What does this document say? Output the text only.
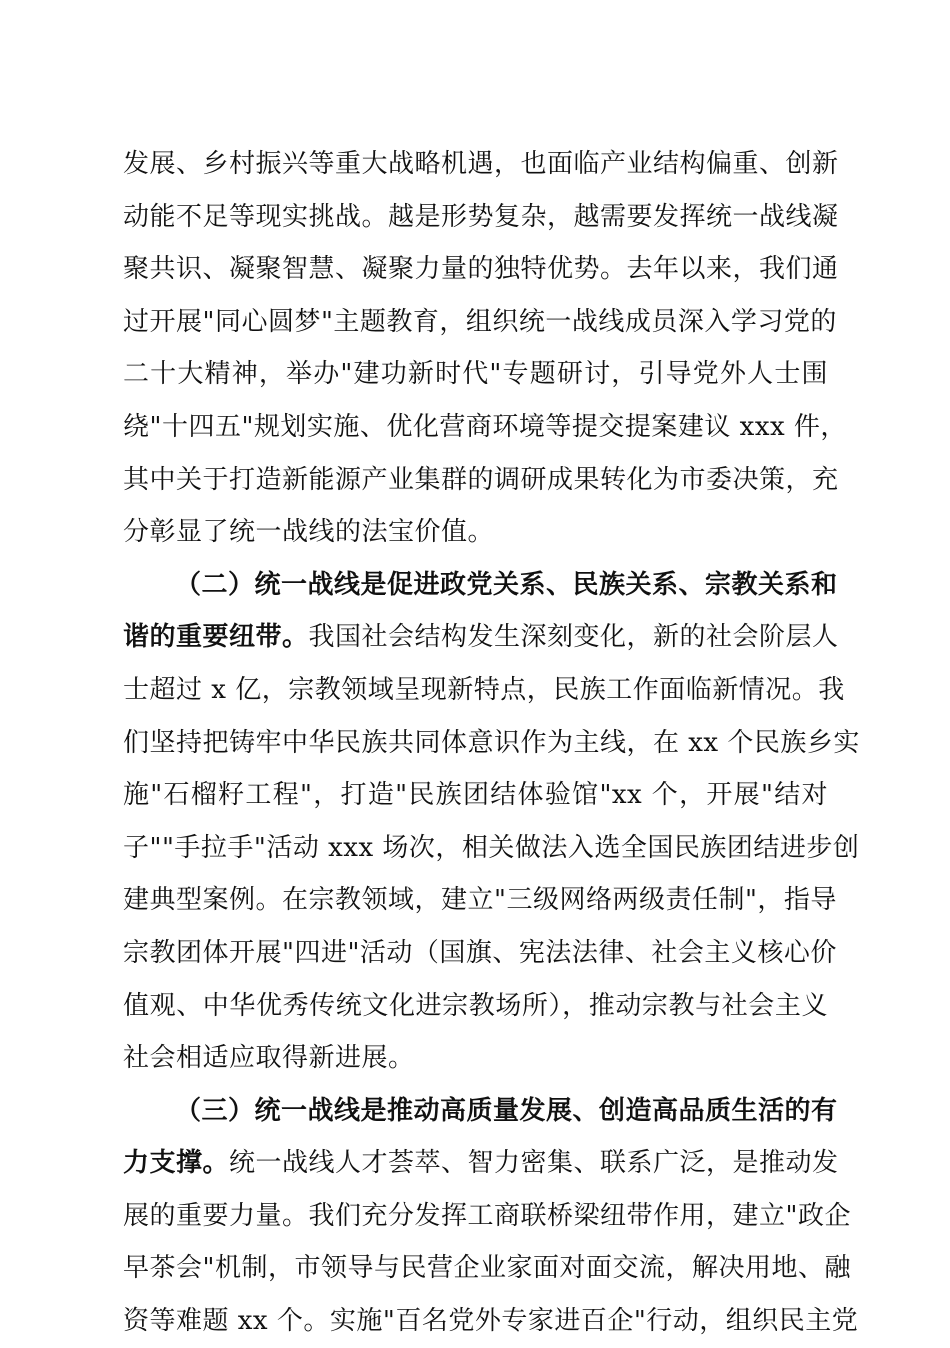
发展、乡村振兴等重大战略机遇，也面临产业结构偏重、创新
动能不足等现实挑战。越是形势复杂，越需要发挥统一战线凝
聚共识、凝聚智慧、凝聚力量的独特优势。去年以来，我们通
过开展"同心圆梦"主题教育，组织统一战线成员深入学习党的
二十大精神，举办"建功新时代"专题研讨，引导党外人士围
绕"十四五"规划实施、优化营商环境等提交提案建议 xxx 件，
其中关于打造新能源产业集群的调研成果转化为市委决策，充
分彰显了统一战线的法宝价值。
（二）统一战线是促进政党关系、民族关系、宗教关系和
谐的重要纽带。我国社会结构发生深刻变化，新的社会阶层人
士超过 x 亿，宗教领域呈现新特点，民族工作面临新情况。我
们坚持把铸牢中华民族共同体意识作为主线，在 xx 个民族乡实
施"石榴籽工程"，打造"民族团结体验馆"xx 个，开展"结对
子""手拉手"活动 xxx 场次，相关做法入选全国民族团结进步创
建典型案例。在宗教领域，建立"三级网络两级责任制"，指导
宗教团体开展"四进"活动（国旗、宪法法律、社会主义核心价
值观、中华优秀传统文化进宗教场所），推动宗教与社会主义
社会相适应取得新进展。
（三）统一战线是推动高质量发展、创造高品质生活的有
力支撑。统一战线人才荟萃、智力密集、联系广泛，是推动发
展的重要力量。我们充分发挥工商联桥梁纽带作用，建立"政企
早茶会"机制，市领导与民营企业家面对面交流，解决用地、融
资等难题 xx 个。实施"百名党外专家进百企"行动，组织民主党
